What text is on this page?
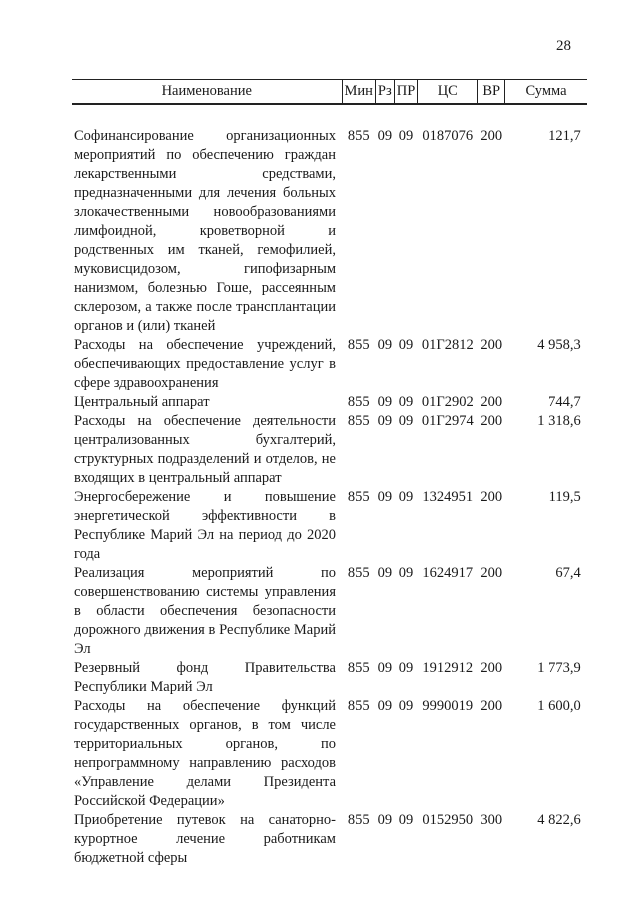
28
Наименование	Мин	Рз	ПР	ЦС	ВР	Сумма

Софинансирование организационных мероприятий по обеспечению граждан лекарственными средствами, предназначенными для лечения больных злокачественными новообразованиями лимфоидной, кроветворной и родственных им тканей, гемофилией, муковисцидозом, гипофизарным нанизмом, болезнью Гоше, рассеянным склерозом, а также после трансплантации органов и (или) тканей	855	09	09	0187076	200	121,7
Расходы на обеспечение учреждений, обеспечивающих предоставление услуг в сфере здравоохранения	855	09	09	01Г2812	200	4 958,3
Центральный аппарат	855	09	09	01Г2902	200	744,7
Расходы на обеспечение деятельности централизованных бухгалтерий, структурных подразделений и отделов, не входящих в центральный аппарат	855	09	09	01Г2974	200	1 318,6
Энергосбережение и повышение энергетической эффективности в Республике Марий Эл на период до 2020 года	855	09	09	1324951	200	119,5
Реализация мероприятий по совершенствованию системы управления в области обеспечения безопасности дорожного движения в Республике Марий Эл	855	09	09	1624917	200	67,4
Резервный фонд Правительства Республики Марий Эл	855	09	09	1912912	200	1 773,9
Расходы на обеспечение функций государственных органов, в том числе территориальных органов, по непрограммному направлению расходов «Управление делами Президента Российской Федерации»	855	09	09	9990019	200	1 600,0
Приобретение путевок на санаторно-курортное лечение работникам бюджетной сферы	855	09	09	0152950	300	4 822,6
